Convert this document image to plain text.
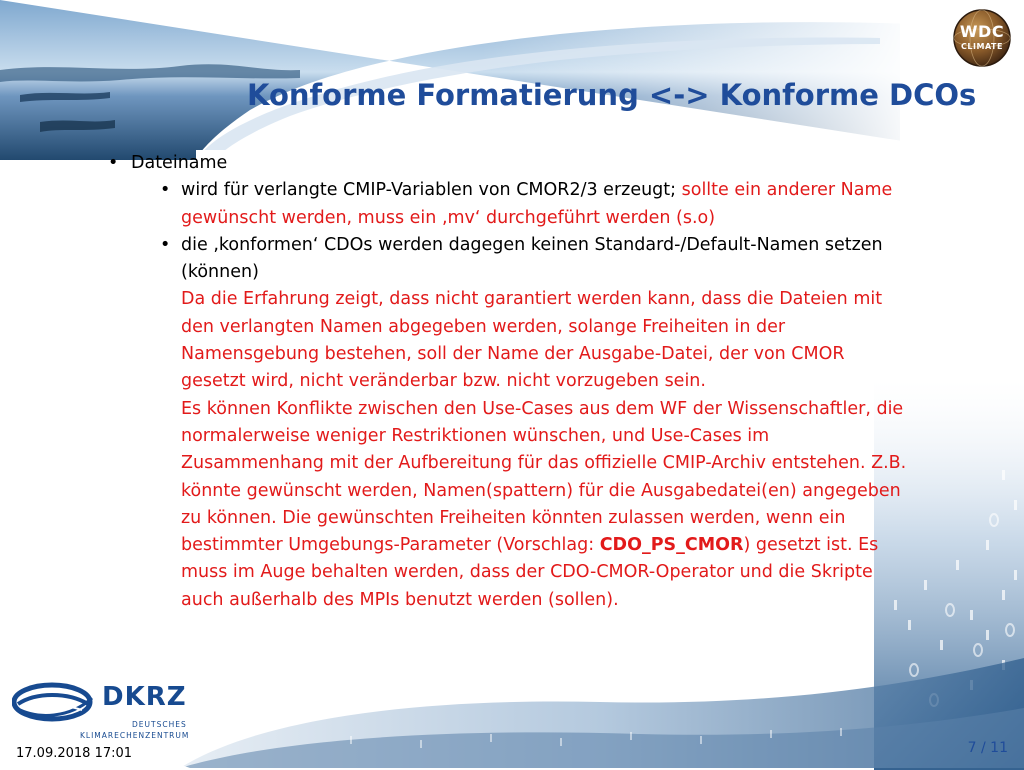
WDC
CLIMATE
Konforme Formatierung <-> Konforme DCOs
• Dateiname
• wird für verlangte CMIP-Variablen von CMOR2/3 erzeugt; sollte ein anderer Name gewünscht werden, muss ein ‚mv‘ durchgeführt werden (s.o)
• die ‚konformen‘ CDOs werden dagegen keinen Standard-/Default-Namen setzen (können)
Da die Erfahrung zeigt, dass nicht garantiert werden kann, dass die Dateien mit den verlangten Namen abgegeben werden, solange Freiheiten in der Namensgebung bestehen, soll der Name der Ausgabe-Datei, der von CMOR gesetzt wird, nicht veränderbar bzw. nicht vorzugeben sein.
Es können Konflikte zwischen den Use-Cases aus dem WF der Wissenschaftler, die normalerweise weniger Restriktionen wünschen, und Use-Cases im Zusammenhang mit der Aufbereitung für das offizielle CMIP-Archiv entstehen. Z.B. könnte gewünscht werden, Namen(spattern) für die Ausgabedatei(en) angegeben zu können. Die gewünschten Freiheiten könnten zulassen werden, wenn ein bestimmter Umgebungs-Parameter (Vorschlag: CDO_PS_CMOR) gesetzt ist. Es muss im Auge behalten werden, dass der CDO-CMOR-Operator und die Skripte auch außerhalb des MPIs benutzt werden (sollen).
DKRZ
DEUTSCHES
KLIMARECHENZENTRUM
17.09.2018 17:01	7 / 11
